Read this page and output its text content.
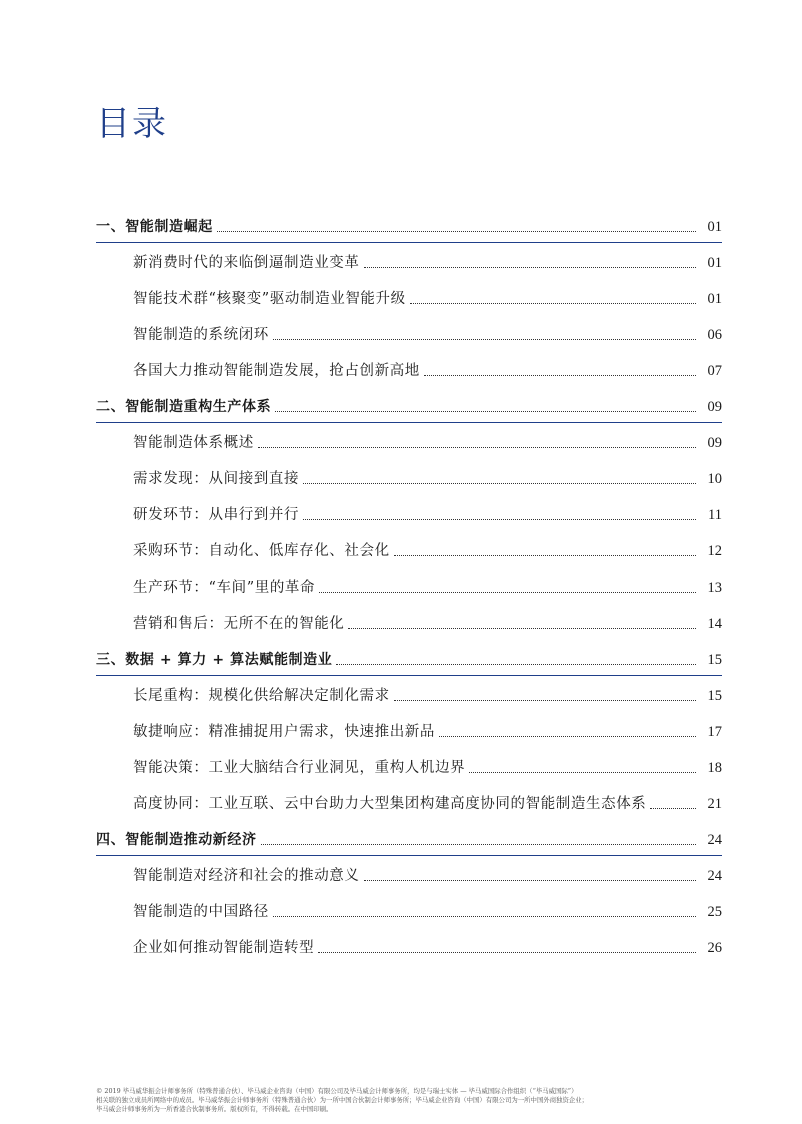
目录
一、智能制造崛起	01
新消费时代的来临倒逼制造业变革	01
智能技术群“核聚变”驱动制造业智能升级	01
智能制造的系统闭环	06
各国大力推动智能制造发展，抢占创新高地	07
二、智能制造重构生产体系	09
智能制造体系概述	09
需求发现：从间接到直接	10
研发环节：从串行到并行	11
采购环节：自动化、低库存化、社会化	12
生产环节：“车间”里的革命	13
营销和售后：无所不在的智能化	14
三、数据 + 算力 + 算法赋能制造业	15
长尾重构：规模化供给解决定制化需求	15
敏捷响应：精准捕捉用户需求，快速推出新品	17
智能决策：工业大脑结合行业洞见，重构人机边界	18
高度协同：工业互联、云中台助力大型集团构建高度协同的智能制造生态体系	21
四、智能制造推动新经济	24
智能制造对经济和社会的推动意义	24
智能制造的中国路径	25
企业如何推动智能制造转型	26

© 2019 毕马威华振会计师事务所（特殊普通合伙）、毕马威企业咨询（中国）有限公司及毕马威会计师事务所，均是与瑞士实体 — 毕马威国际合作组织（“毕马威国际”）
相关联的独立成员所网络中的成员。毕马威华振会计师事务所（特殊普通合伙）为一所中国合伙制会计师事务所；毕马威企业咨询（中国）有限公司为一所中国外商独资企业；
毕马威会计师事务所为一所香港合伙制事务所。版权所有，不得转载。在中国印刷。
